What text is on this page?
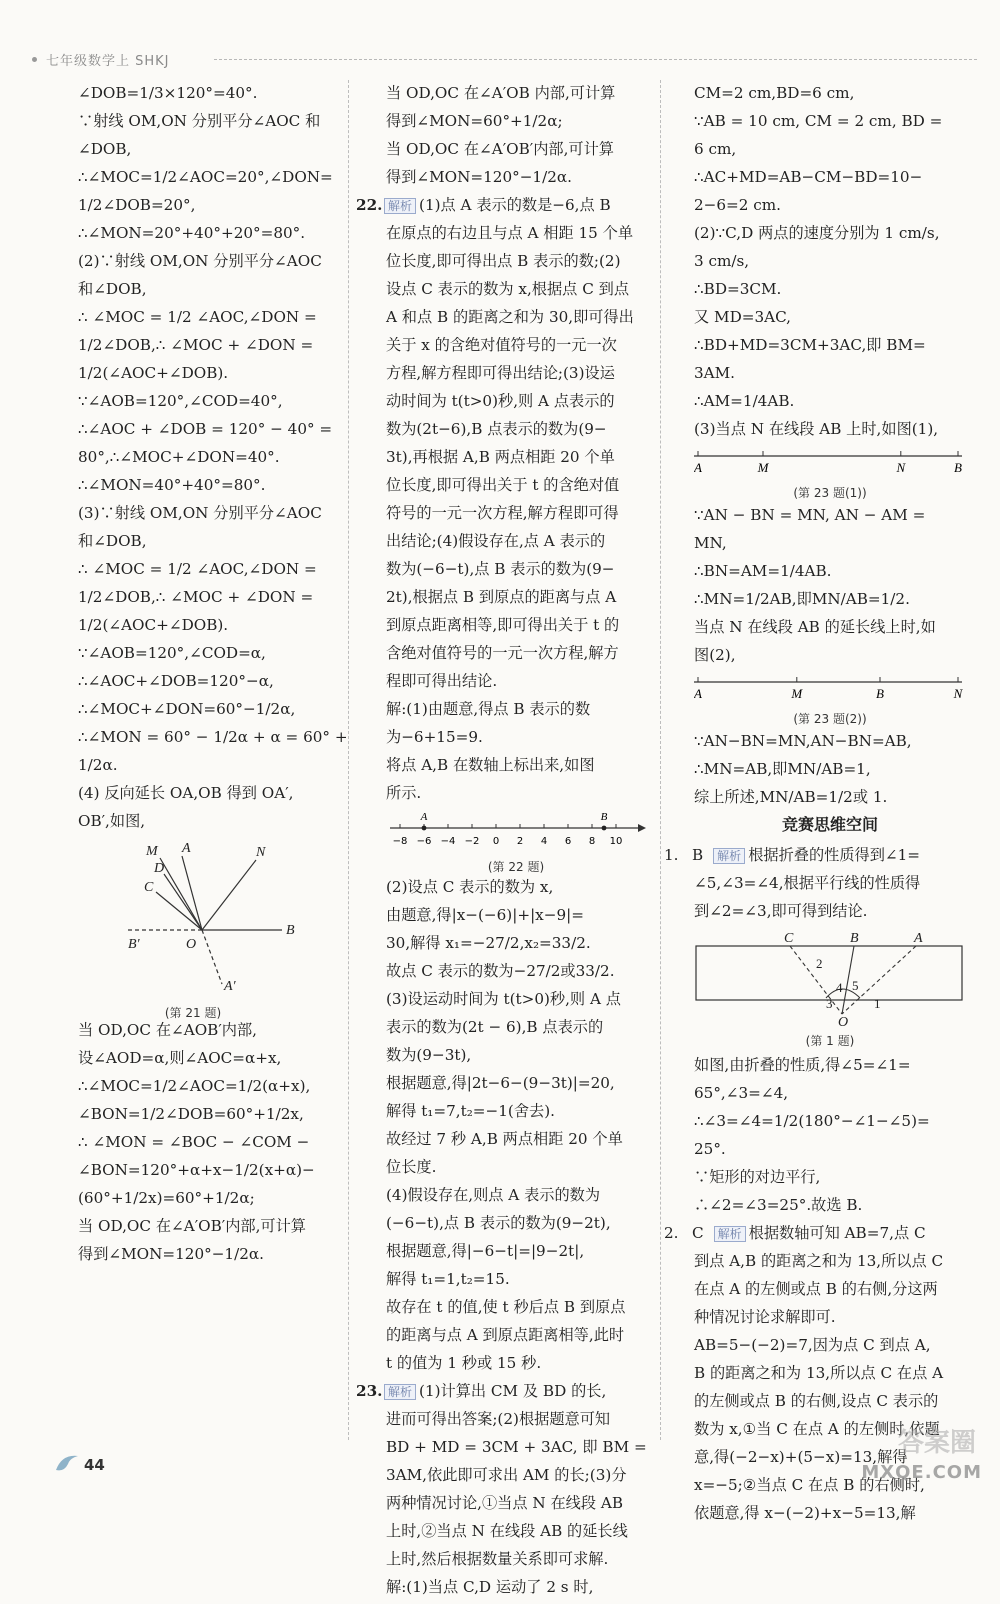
七年级数学上 SHKJ
∠DOB=1/3×120°=40°.
∵射线 OM,ON 分别平分∠AOC 和
∠DOB,
∴∠MOC=1/2∠AOC=20°,∠DON=
1/2∠DOB=20°,
∴∠MON=20°+40°+20°=80°.
(2)∵射线 OM,ON 分别平分∠AOC
和∠DOB,
∴ ∠MOC = 1/2 ∠AOC,∠DON =
1/2∠DOB,∴ ∠MOC + ∠DON =
1/2(∠AOC+∠DOB).
∵∠AOB=120°,∠COD=40°,
∴∠AOC + ∠DOB = 120° − 40° =
80°,∴∠MOC+∠DON=40°.
∴∠MON=40°+40°=80°.
(3)∵射线 OM,ON 分别平分∠AOC
和∠DOB,
∴ ∠MOC = 1/2 ∠AOC,∠DON =
1/2∠DOB,∴ ∠MOC + ∠DON =
1/2(∠AOC+∠DOB).
∵∠AOB=120°,∠COD=α,
∴∠AOC+∠DOB=120°−α,
∴∠MOC+∠DON=60°−1/2α,
∴∠MON = 60° − 1/2α + α = 60° +
1/2α.
(4) 反向延长 OA,OB 得到 OA′,
OB′,如图,
M A	N
D
C
B
B′	O
A′
(第 21 题)
当 OD,OC 在∠AOB′内部,
设∠AOD=α,则∠AOC=α+x,
∴∠MOC=1/2∠AOC=1/2(α+x),
∠BON=1/2∠DOB=60°+1/2x,
∴ ∠MON = ∠BOC − ∠COM −
∠BON=120°+α+x−1/2(x+α)−
(60°+1/2x)=60°+1/2α;
当 OD,OC 在∠A′OB′内部,可计算
得到∠MON=120°−1/2α.
当 OD,OC 在∠A′OB 内部,可计算
得到∠MON=60°+1/2α;
当 OD,OC 在∠A′OB′内部,可计算
得到∠MON=120°−1/2α.
22. 解析 (1)点 A 表示的数是−6,点 B
在原点的右边且与点 A 相距 15 个单
位长度,即可得出点 B 表示的数;(2)
设点 C 表示的数为 x,根据点 C 到点
A 和点 B 的距离之和为 30,即可得出
关于 x 的含绝对值符号的一元一次
方程,解方程即可得出结论;(3)设运
动时间为 t(t>0)秒,则 A 点表示的
数为(2t−6),B 点表示的数为(9−
3t),再根据 A,B 两点相距 20 个单
位长度,即可得出关于 t 的含绝对值
符号的一元一次方程,解方程即可得
出结论;(4)假设存在,点 A 表示的
数为(−6−t),点 B 表示的数为(9−
2t),根据点 B 到原点的距离与点 A
到原点距离相等,即可得出关于 t 的
含绝对值符号的一元一次方程,解方
程即可得出结论.
解:(1)由题意,得点 B 表示的数
为−6+15=9.
将点 A,B 在数轴上标出来,如图
所示.
−8 −6 −4 −2 0 2 4 6 8 10
A	B
(第 22 题)
(2)设点 C 表示的数为 x,
由题意,得|x−(−6)|+|x−9|=
30,解得 x₁=−27/2,x₂=33/2.
故点 C 表示的数为−27/2或33/2.
(3)设运动时间为 t(t>0)秒,则 A 点
表示的数为(2t − 6),B 点表示的
数为(9−3t),
根据题意,得|2t−6−(9−3t)|=20,
解得 t₁=7,t₂=−1(舍去).
故经过 7 秒 A,B 两点相距 20 个单
位长度.
(4)假设存在,则点 A 表示的数为
(−6−t),点 B 表示的数为(9−2t),
根据题意,得|−6−t|=|9−2t|,
解得 t₁=1,t₂=15.
故存在 t 的值,使 t 秒后点 B 到原点
的距离与点 A 到原点距离相等,此时
t 的值为 1 秒或 15 秒.
23. 解析 (1)计算出 CM 及 BD 的长,
进而可得出答案;(2)根据题意可知
BD + MD = 3CM + 3AC, 即 BM =
3AM,依此即可求出 AM 的长;(3)分
两种情况讨论,①当点 N 在线段 AB
上时,②当点 N 在线段 AB 的延长线
上时,然后根据数量关系即可求解.
解:(1)当点 C,D 运动了 2 s 时,
CM=2 cm,BD=6 cm,
∵AB = 10 cm, CM = 2 cm, BD =
6 cm,
∴AC+MD=AB−CM−BD=10−
2−6=2 cm.
(2)∵C,D 两点的速度分别为 1 cm/s,
3 cm/s,
∴BD=3CM.
又 MD=3AC,
∴BD+MD=3CM+3AC,即 BM=
3AM.
∴AM=1/4AB.
(3)当点 N 在线段 AB 上时,如图(1),
A	M	N	B
(第 23 题(1))
∵AN − BN = MN, AN − AM =
MN,
∴BN=AM=1/4AB.
∴MN=1/2AB,即MN/AB=1/2.
当点 N 在线段 AB 的延长线上时,如
图(2),
A	M	B	N
(第 23 题(2))
∵AN−BN=MN,AN−BN=AB,
∴MN=AB,即MN/AB=1,
综上所述,MN/AB=1/2或 1.
竞赛思维空间
1. B 解析 根据折叠的性质得到∠1=
∠5,∠3=∠4,根据平行线的性质得
到∠2=∠3,即可得到结论.
C	B	A
O
2
4 5
3	1
(第 1 题)
如图,由折叠的性质,得∠5=∠1=
65°,∠3=∠4,
∴∠3=∠4=1/2(180°−∠1−∠5)=
25°.
∵矩形的对边平行,
∴∠2=∠3=25°.故选 B.
2. C 解析 根据数轴可知 AB=7,点 C
到点 A,B 的距离之和为 13,所以点 C
在点 A 的左侧或点 B 的右侧,分这两
种情况讨论求解即可.
AB=5−(−2)=7,因为点 C 到点 A,
B 的距离之和为 13,所以点 C 在点 A
的左侧或点 B 的右侧,设点 C 表示的
数为 x,①当 C 在点 A 的左侧时,依题
意,得(−2−x)+(5−x)=13,解得
x=−5;②当点 C 在点 B 的右侧时,
依题意,得 x−(−2)+x−5=13,解
44
答案圈
MXQE.COM
